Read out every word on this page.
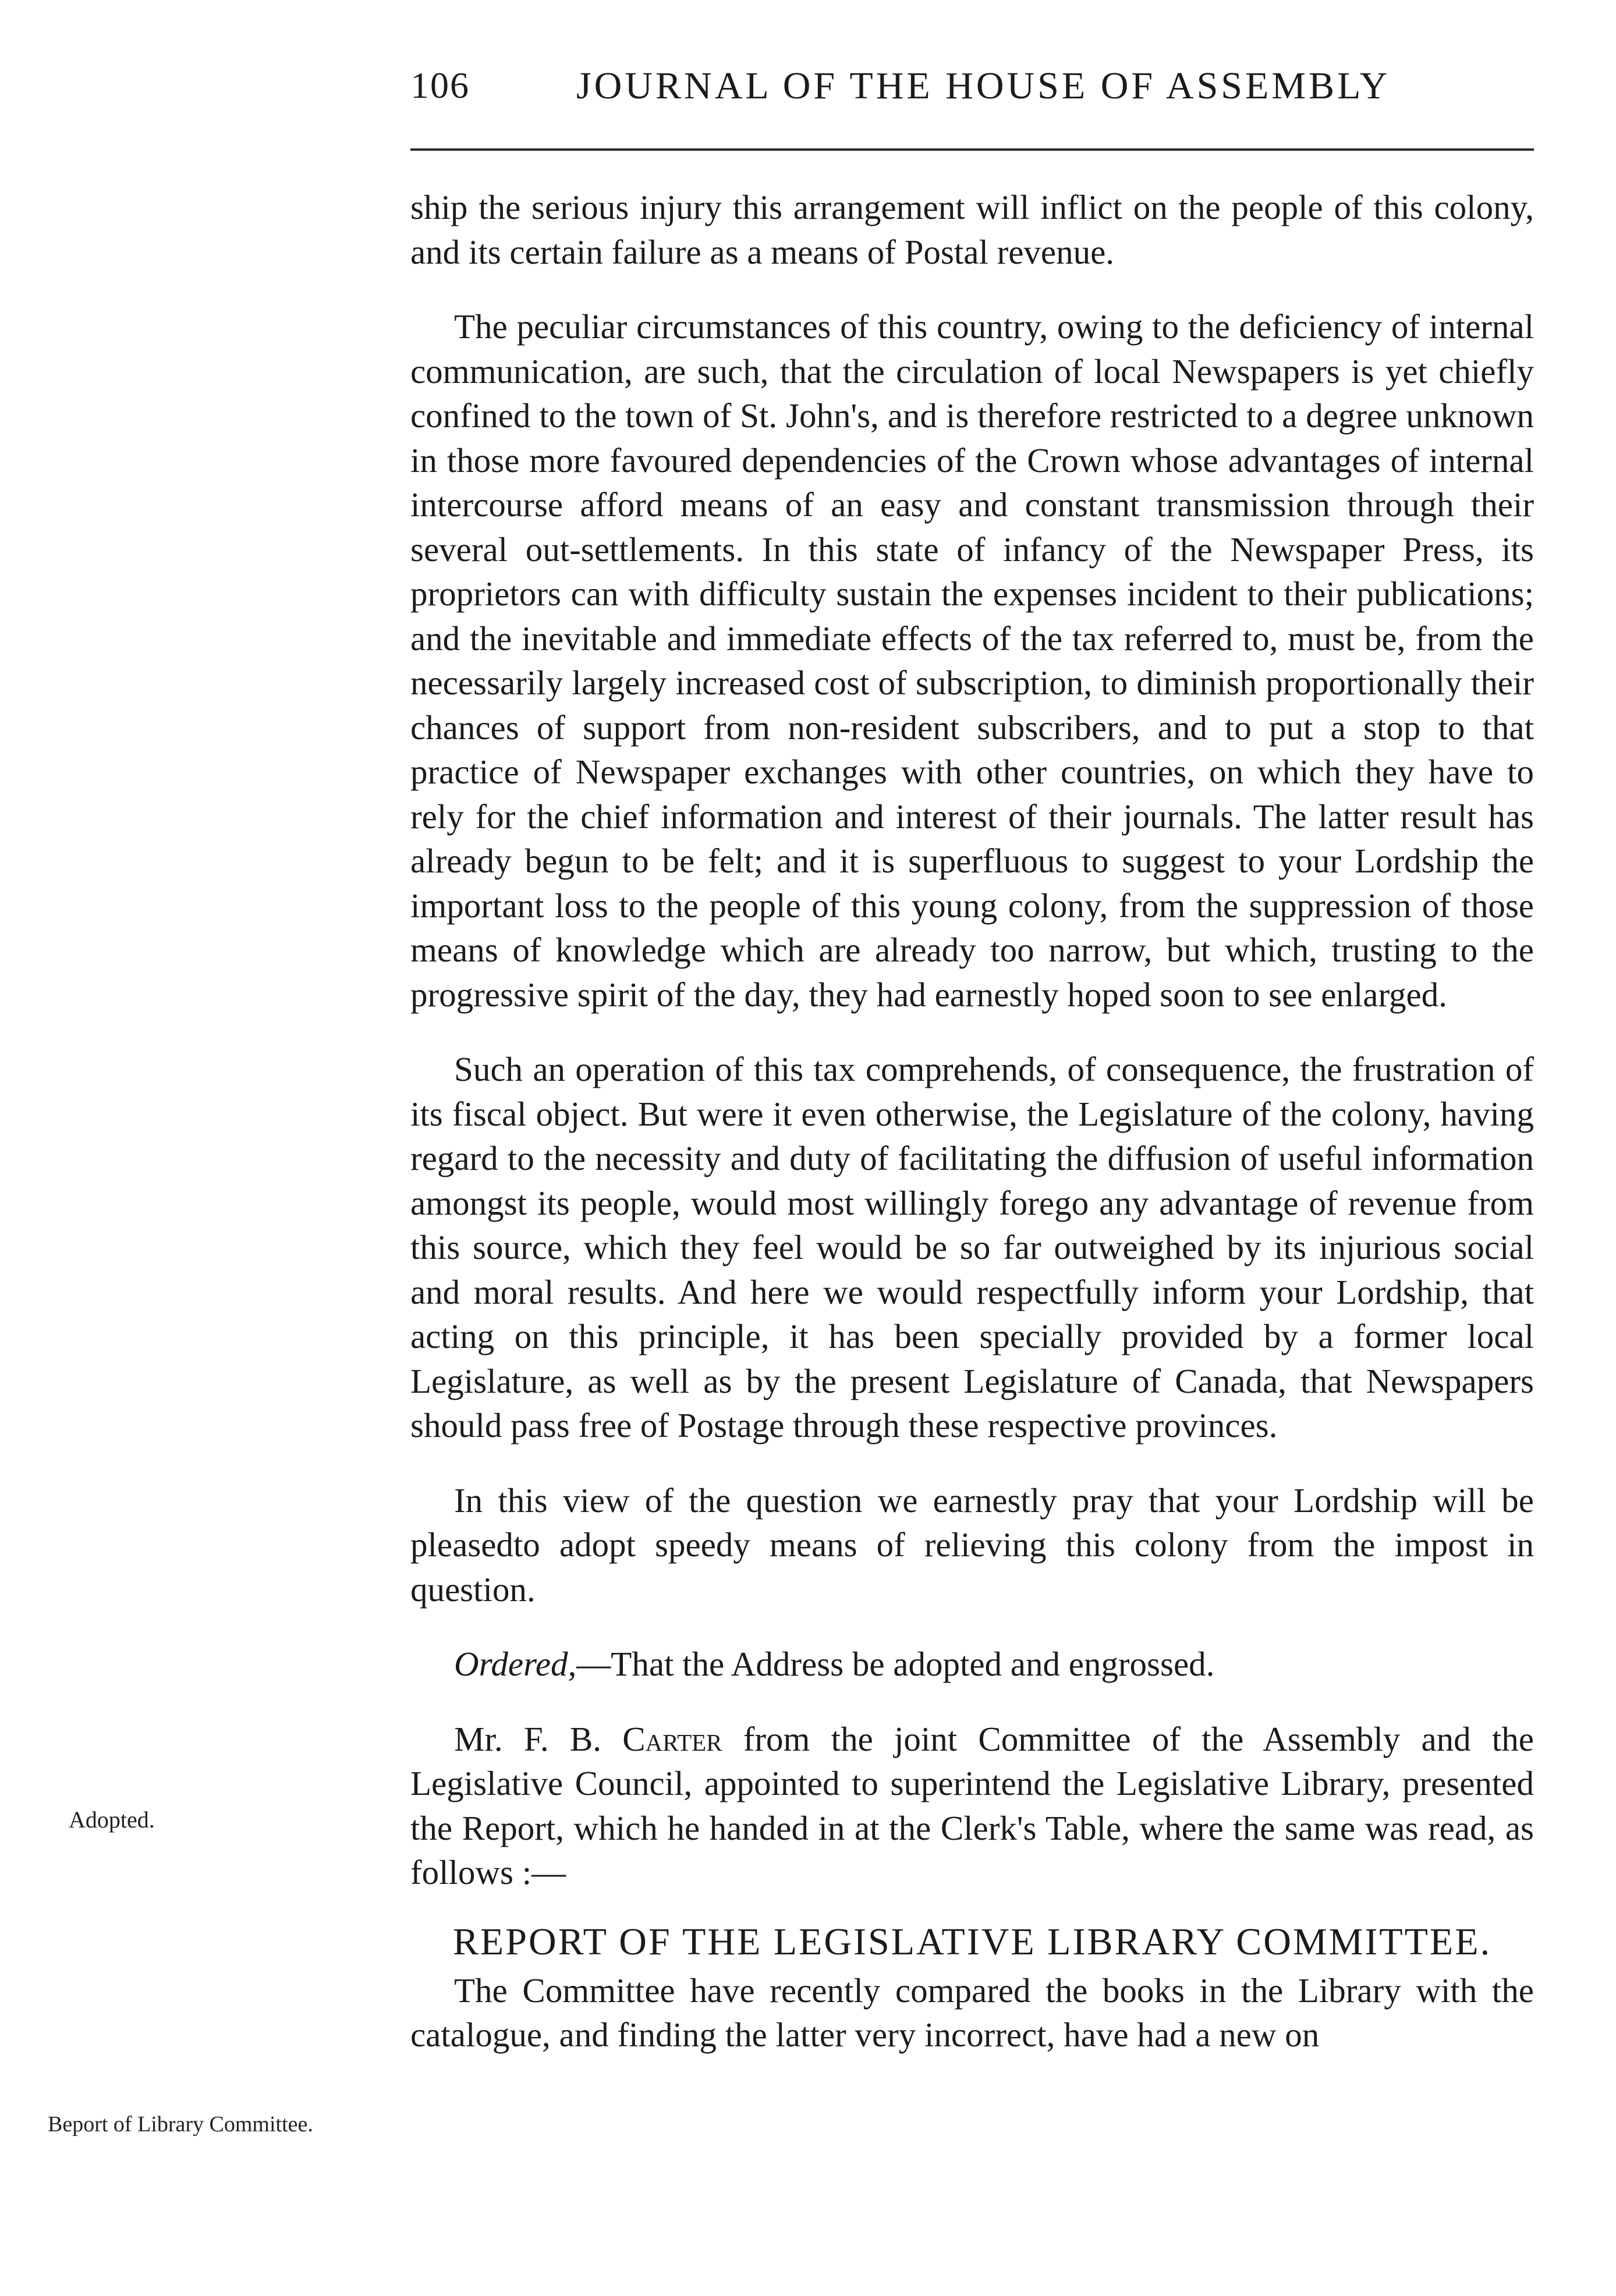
106	JOURNAL OF THE HOUSE OF ASSEMBLY
Adopted.
Beport of Library Committee.

ship the serious injury this arrangement will inflict on the people of this colony, and its certain failure as a means of Postal revenue.

The peculiar circumstances of this country, owing to the deficiency of internal communication, are such, that the circulation of local Newspapers is yet chiefly confined to the town of St. John's, and is therefore restricted to a degree unknown in those more favoured dependencies of the Crown whose advantages of internal intercourse afford means of an easy and constant transmission through their several out-settlements. In this state of infancy of the Newspaper Press, its proprietors can with difficulty sustain the expenses incident to their publications; and the inevitable and immediate effects of the tax referred to, must be, from the necessarily largely increased cost of subscription, to diminish proportionally their chances of support from non-resident subscribers, and to put a stop to that practice of Newspaper exchanges with other countries, on which they have to rely for the chief information and interest of their journals. The latter result has already begun to be felt; and it is superfluous to suggest to your Lordship the important loss to the people of this young colony, from the suppression of those means of knowledge which are already too narrow, but which, trusting to the progressive spirit of the day, they had earnestly hoped soon to see enlarged.

Such an operation of this tax comprehends, of consequence, the frustration of its fiscal object. But were it even otherwise, the Legislature of the colony, having regard to the necessity and duty of facilitating the diffusion of useful information amongst its people, would most willingly forego any advantage of revenue from this source, which they feel would be so far outweighed by its injurious social and moral results. And here we would respectfully inform your Lordship, that acting on this principle, it has been specially provided by a former local Legislature, as well as by the present Legislature of Canada, that Newspapers should pass free of Postage through these respective provinces.

In this view of the question we earnestly pray that your Lordship will be pleasedto adopt speedy means of relieving this colony from the impost in question.

Ordered,—That the Address be adopted and engrossed.

Mr. F. B. Carter from the joint Committee of the Assembly and the Legislative Council, appointed to superintend the Legislative Library, presented the Report, which he handed in at the Clerk's Table, where the same was read, as follows :—

REPORT OF THE LEGISLATIVE LIBRARY COMMITTEE.

The Committee have recently compared the books in the Library with the catalogue, and finding the latter very incorrect, have had a new on
